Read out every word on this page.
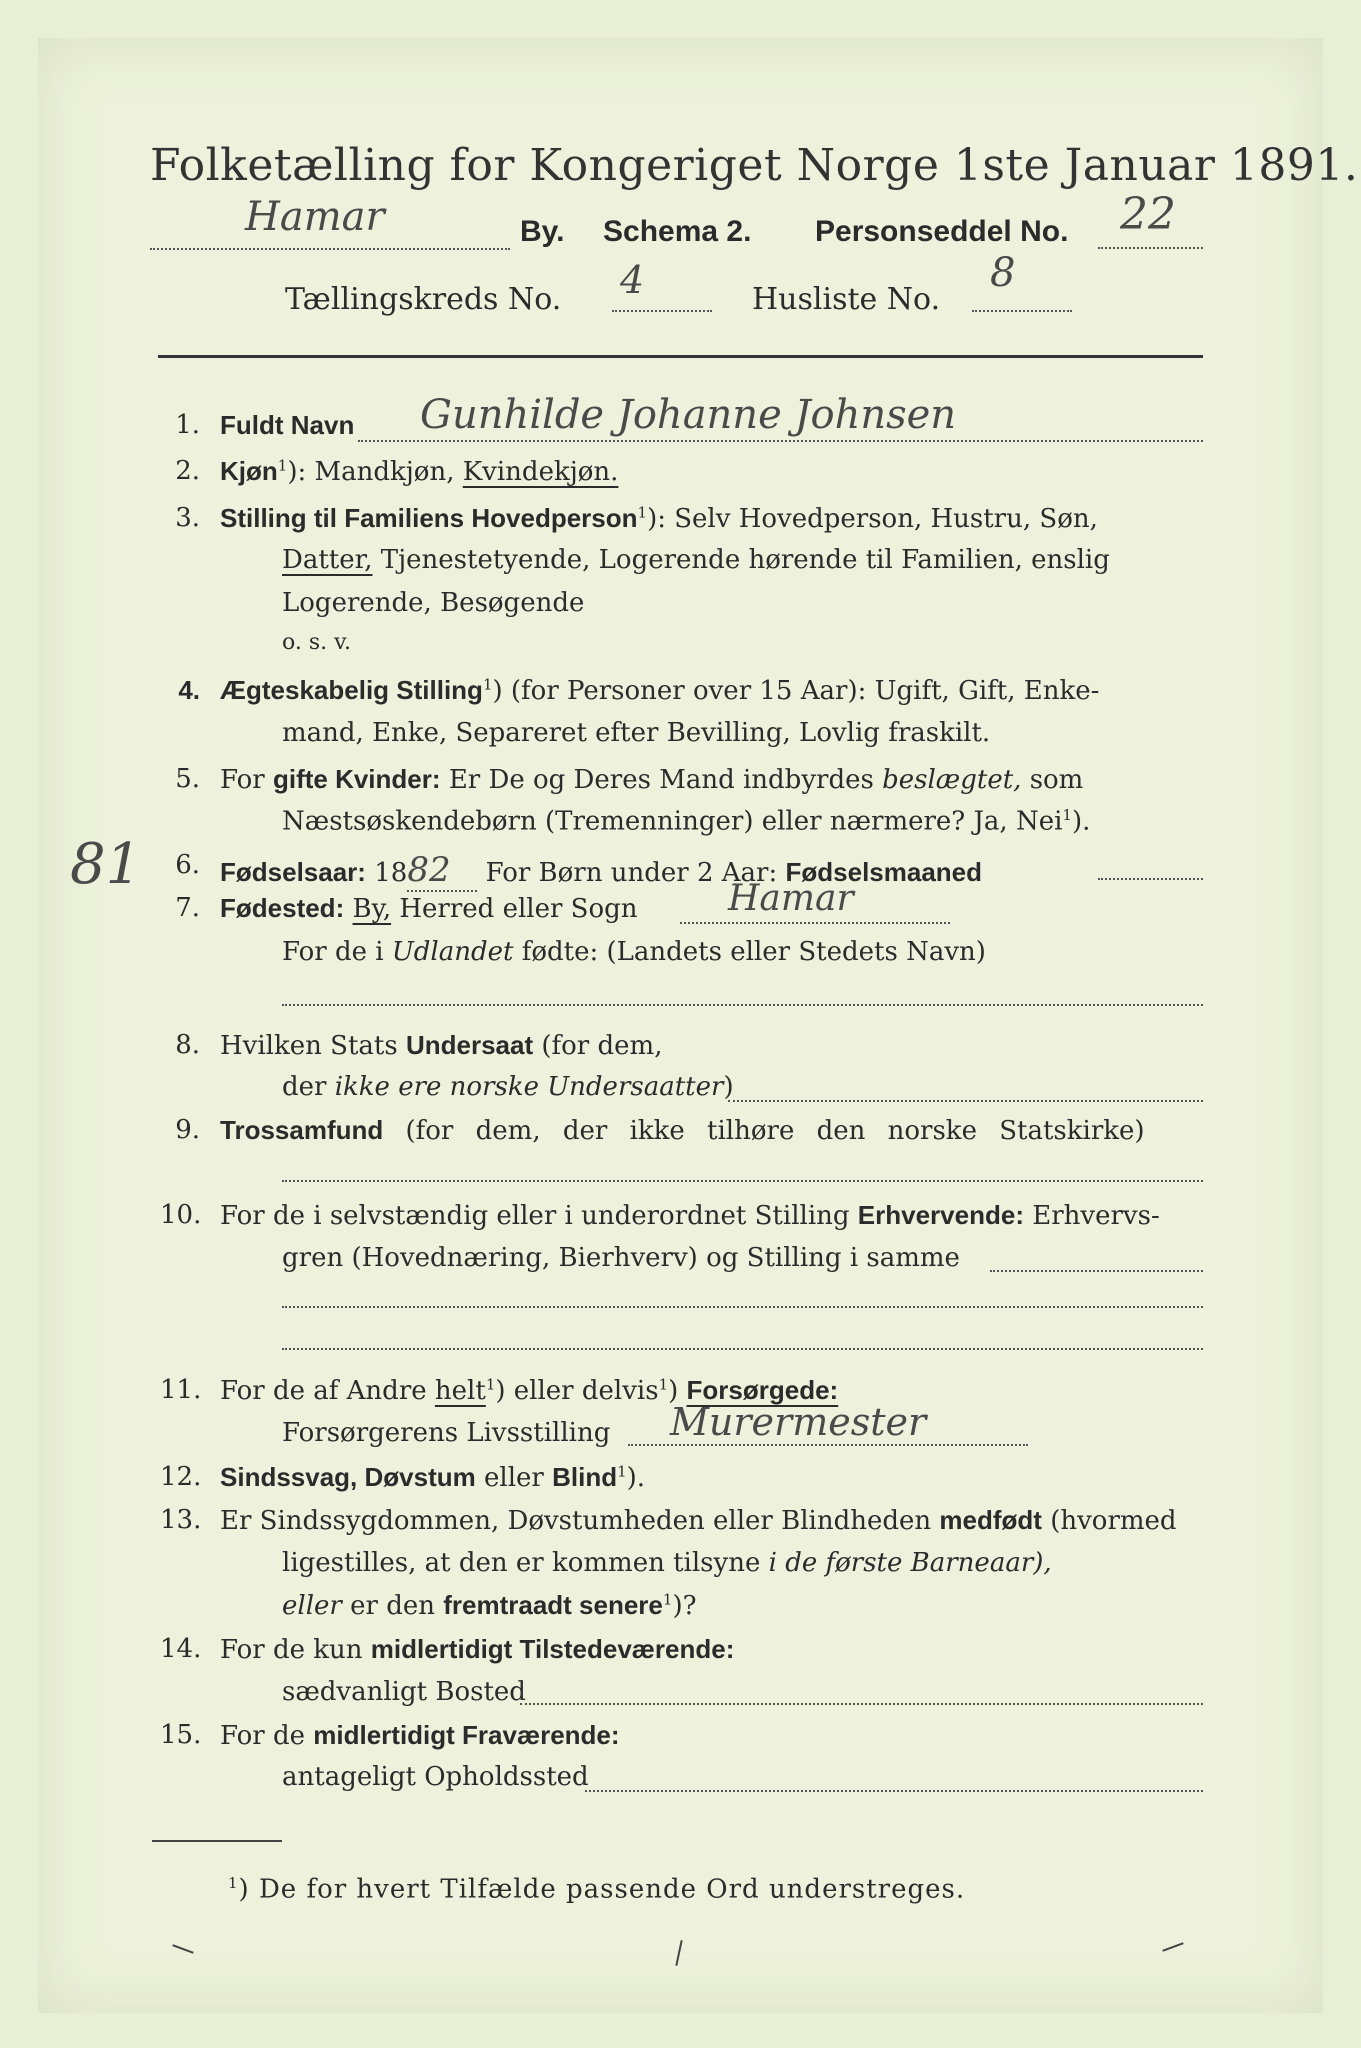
Folketælling for Kongeriget Norge 1ste Januar 1891.
Hamar	By. Schema 2. Personseddel No. 22
Tællingskreds No. 4	Husliste No.
8
81
1. Fuldt Navn Gunhilde Johanne Johnsen
2. Kjøn$^1$): Mandkjøn, Kvindekjøn.
3. Stilling til Familiens Hovedperson$^1$): Selv Hovedperson, Hustru, Søn,
Datter, Tjenestetyende, Logerende hørende til Familien, enslig
Logerende, Besøgende
o. s. v.
4. Ægteskabelig Stilling$^1$) (for Personer over 15 Aar): Ugift, Gift, Enke-
mand, Enke, Separeret efter Bevilling, Lovlig fraskilt.
5. For gifte Kvinder: Er De og Deres Mand indbyrdes beslægtet, som
Næstsøskendebørn (Tremenninger) eller nærmere? Ja, Nei$^1$).
6. Fødselsaar: 1882 For Børn under 2 Aar: Fødselsmaaned
7. Fødested: By, Herred eller Sogn	Hamar
For de i Udlandet fødte: (Landets eller Stedets Navn)
8. Hvilken Stats Undersaat (for dem,
der ikke ere norske Undersaatter)
9. Trossamfund (for dem, der ikke tilhøre den norske Statskirke)
10. For de i selvstændig eller i underordnet Stilling Erhvervende: Erhvervs-
gren (Hovednæring, Bierhverv) og Stilling i samme
11. For de af Andre helt$^1$) eller delvis$^1$) Forsørgede:
Forsørgerens Livsstilling Murermester
12. Sindssvag, Døvstum eller Blind$^1$).
13. Er Sindssygdommen, Døvstumheden eller Blindheden medfødt (hvormed
ligestilles, at den er kommen tilsyne i de første Barneaar),
eller er den fremtraadt senere$^1$)?
14. For de kun midlertidigt Tilstedeværende:
sædvanligt Bosted
15. For de midlertidigt Fraværende:
antageligt Opholdssted
$^1$) De for hvert Tilfælde passende Ord understreges.
